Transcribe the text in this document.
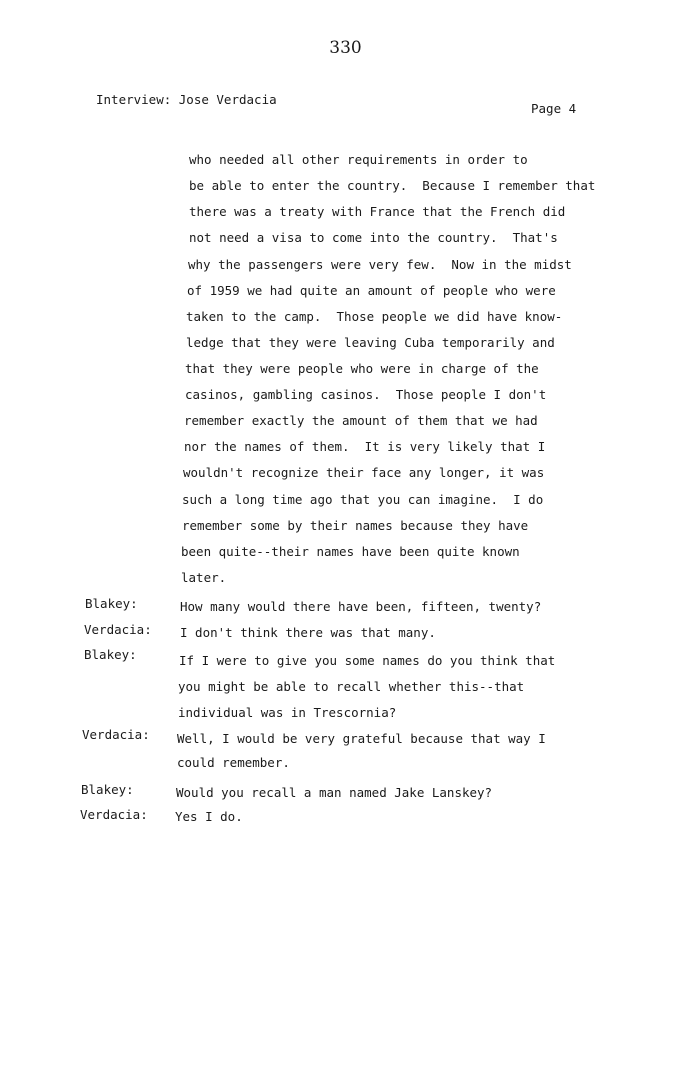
330
Interview: Jose Verdacia
Page 4
who needed all other requirements in order to
be able to enter the country.  Because I remember that
there was a treaty with France that the French did
not need a visa to come into the country.  That's
why the passengers were very few.  Now in the midst
of 1959 we had quite an amount of people who were
taken to the camp.  Those people we did have know-
ledge that they were leaving Cuba temporarily and
that they were people who were in charge of the
casinos, gambling casinos.  Those people I don't
remember exactly the amount of them that we had
nor the names of them.  It is very likely that I
wouldn't recognize their face any longer, it was
such a long time ago that you can imagine.  I do
remember some by their names because they have
been quite--their names have been quite known
later.
Blakey:	How many would there have been, fifteen, twenty?
Verdacia: I don't think there was that many.
Blakey:	If I were to give you some names do you think that
you might be able to recall whether this--that
individual was in Trescornia?
Verdacia: Well, I would be very grateful because that way I
could remember.
Blakey:	Would you recall a man named Jake Lanskey?
Verdacia: Yes I do.
